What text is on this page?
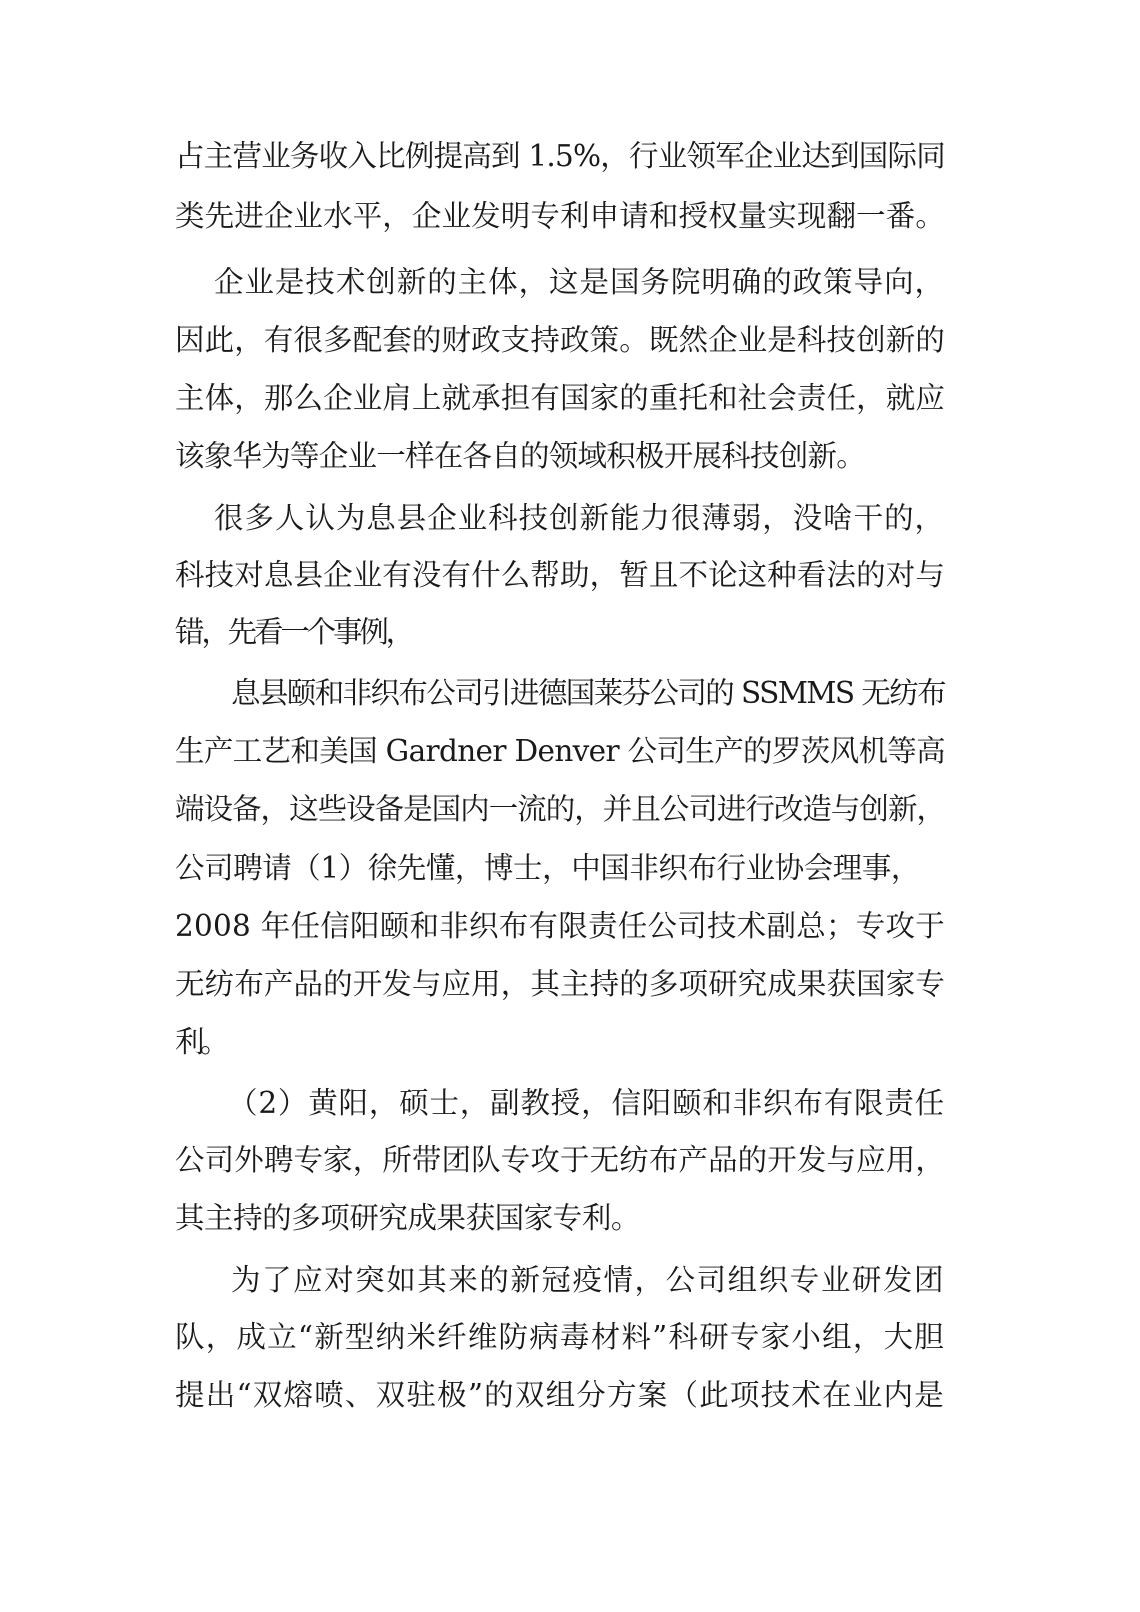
占主营业务收入比例提高到 1.5%，行业领军企业达到国际同
类先进企业水平，企业发明专利申请和授权量实现翻一番。
企业是技术创新的主体，这是国务院明确的政策导向，
因此，有很多配套的财政支持政策。既然企业是科技创新的
主体，那么企业肩上就承担有国家的重托和社会责任，就应
该象华为等企业一样在各自的领域积极开展科技创新。
很多人认为息县企业科技创新能力很薄弱，没啥干的，
科技对息县企业有没有什么帮助，暂且不论这种看法的对与
错，先看一个事例，
息县颐和非织布公司引进德国莱芬公司的 SSMMS 无纺布
生产工艺和美国 Gardner Denver 公司生产的罗茨风机等高
端设备，这些设备是国内一流的，并且公司进行改造与创新，
公司聘请（1）徐先懂，博士，中国非织布行业协会理事，
2008 年任信阳颐和非织布有限责任公司技术副总；专攻于
无纺布产品的开发与应用，其主持的多项研究成果获国家专
利。
（2）黄阳，硕士，副教授，信阳颐和非织布有限责任
公司外聘专家，所带团队专攻于无纺布产品的开发与应用，
其主持的多项研究成果获国家专利。
为了应对突如其来的新冠疫情，公司组织专业研发团
队，成立“新型纳米纤维防病毒材料”科研专家小组，大胆
提出“双熔喷、双驻极”的双组分方案（此项技术在业内是
